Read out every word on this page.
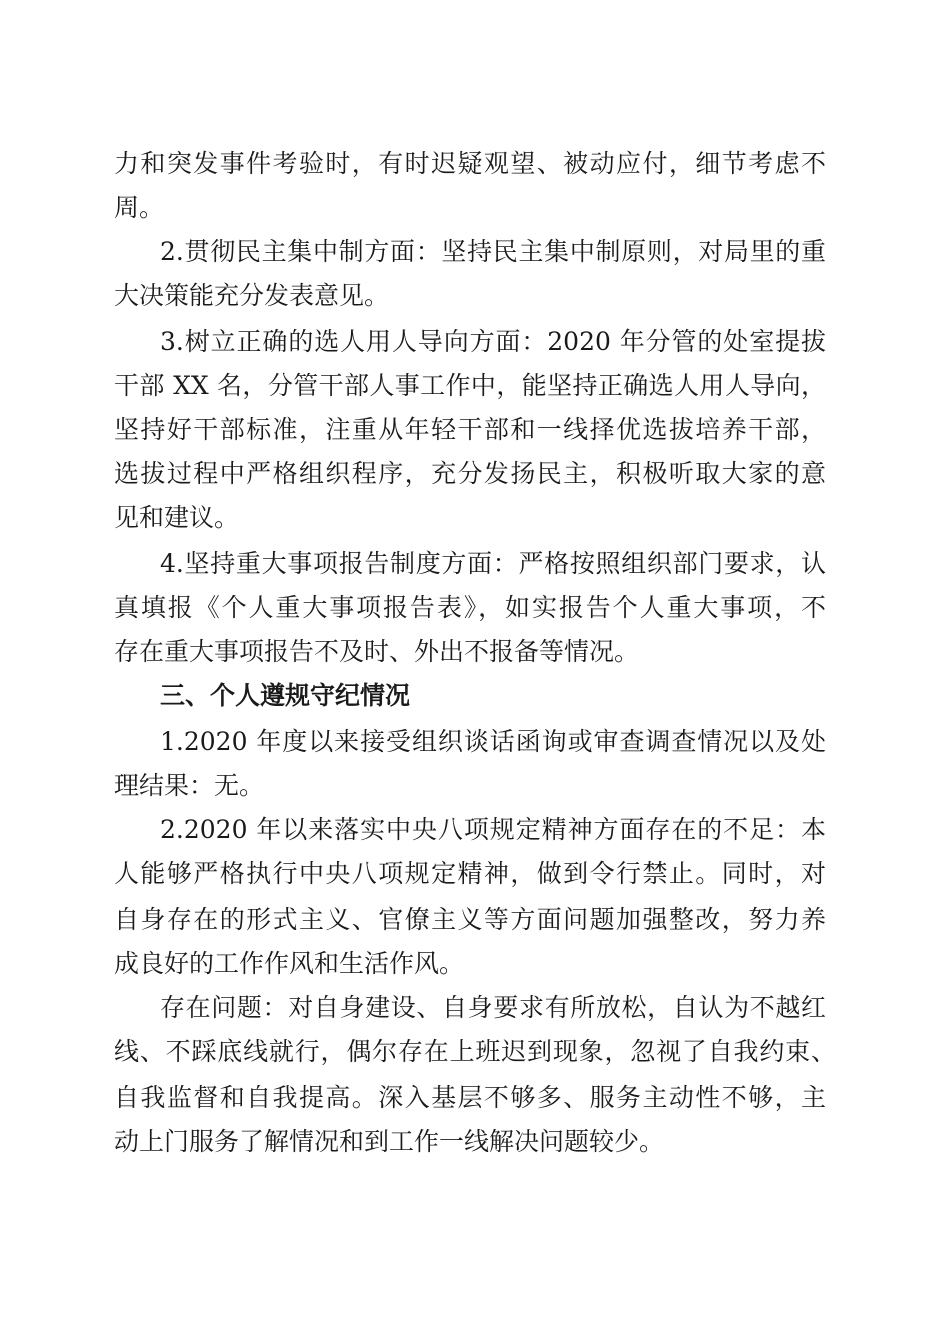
力和突发事件考验时，有时迟疑观望、被动应付，细节考虑不
周。
2.贯彻民主集中制方面：坚持民主集中制原则，对局里的重
大决策能充分发表意见。
3.树立正确的选人用人导向方面：2020 年分管的处室提拔
干部 XX 名，分管干部人事工作中，能坚持正确选人用人导向，
坚持好干部标准，注重从年轻干部和一线择优选拔培养干部，
选拔过程中严格组织程序，充分发扬民主，积极听取大家的意
见和建议。
4.坚持重大事项报告制度方面：严格按照组织部门要求，认
真填报《个人重大事项报告表》，如实报告个人重大事项，不
存在重大事项报告不及时、外出不报备等情况。
三、个人遵规守纪情况
1.2020 年度以来接受组织谈话函询或审查调查情况以及处
理结果：无。
2.2020 年以来落实中央八项规定精神方面存在的不足：本
人能够严格执行中央八项规定精神，做到令行禁止。同时，对
自身存在的形式主义、官僚主义等方面问题加强整改，努力养
成良好的工作作风和生活作风。
存在问题：对自身建设、自身要求有所放松，自认为不越红
线、不踩底线就行，偶尔存在上班迟到现象，忽视了自我约束、
自我监督和自我提高。深入基层不够多、服务主动性不够，主
动上门服务了解情况和到工作一线解决问题较少。
